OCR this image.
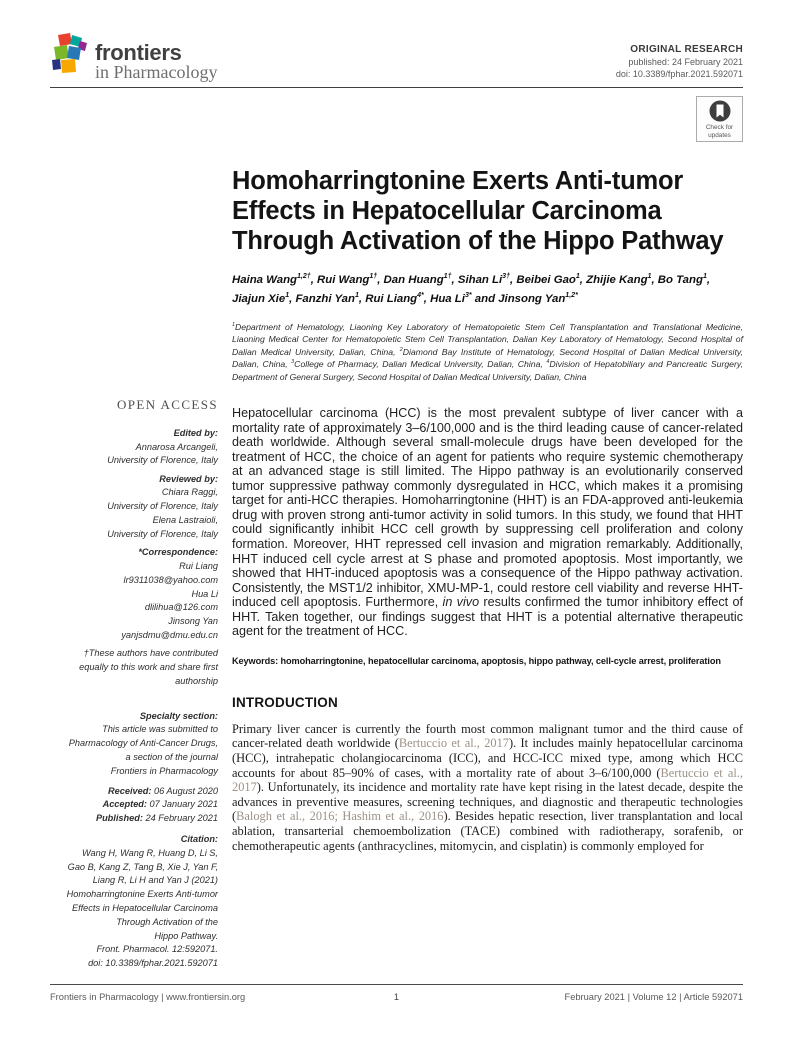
frontiers
in Pharmacology
ORIGINAL RESEARCH
published: 24 February 2021
doi: 10.3389/fphar.2021.592071
Check for updates
OPEN ACCESS
Edited by:
Annarosa Arcangeli,
University of Florence, Italy
Reviewed by:
Chiara Raggi,
University of Florence, Italy
Elena Lastraioli,
University of Florence, Italy
*Correspondence:
Rui Liang
lr9311038@yahoo.com
Hua Li
dlilihua@126.com
Jinsong Yan
yanjsdmu@dmu.edu.cn
†These authors have contributed
equally to this work and share first
authorship
Specialty section:
This article was submitted to
Pharmacology of Anti-Cancer Drugs,
a section of the journal
Frontiers in Pharmacology
Received: 06 August 2020
Accepted: 07 January 2021
Published: 24 February 2021
Citation:
Wang H, Wang R, Huang D, Li S,
Gao B, Kang Z, Tang B, Xie J, Yan F,
Liang R, Li H and Yan J (2021)
Homoharringtonine Exerts Anti-tumor
Effects in Hepatocellular Carcinoma
Through Activation of the
Hippo Pathway.
Front. Pharmacol. 12:592071.
doi: 10.3389/fphar.2021.592071
Homoharringtonine Exerts Anti-tumor Effects in Hepatocellular Carcinoma Through Activation of the Hippo Pathway
Haina Wang$^{1,2\dagger}$, Rui Wang$^{1\dagger}$, Dan Huang$^{1\dagger}$, Sihan $Li^{3\dagger}$, Beibei Gao$^1$, Zhijie Kang$^1$, Bo Tang$^1$, Jiajun Xie$^1$, Fanzhi Yan$^1$, Rui Liang$^{4*}$, Hua $Li^{3*}$ and Jinsong Yan$^{1,2*}$
$^1$Department of Hematology, Liaoning Key Laboratory of Hematopoietic Stem Cell Transplantation and Translational Medicine, Liaoning Medical Center for Hematopoietic Stem Cell Transplantation, Dalian Key Laboratory of Hematology, Second Hospital of Dalian Medical University, Dalian, China, $^2$Diamond Bay Institute of Hematology, Second Hospital of Dalian Medical University, Dalian, China, $^3$College of Pharmacy, Dalian Medical University, Dalian, China, $^4$Division of Hepatobiliary and Pancreatic Surgery, Department of General Surgery, Second Hospital of Dalian Medical University, Dalian, China

Hepatocellular carcinoma (HCC) is the most prevalent subtype of liver cancer with a mortality rate of approximately 3–6/100,000 and is the third leading cause of cancer-related death worldwide. Although several small-molecule drugs have been developed for the treatment of HCC, the choice of an agent for patients who require systemic chemotherapy at an advanced stage is still limited. The Hippo pathway is an evolutionarily conserved tumor suppressive pathway commonly dysregulated in HCC, which makes it a promising target for anti-HCC therapies. Homoharringtonine (HHT) is an FDA-approved anti-leukemia drug with proven strong anti-tumor activity in solid tumors. In this study, we found that HHT could significantly inhibit HCC cell growth by suppressing cell proliferation and colony formation. Moreover, HHT repressed cell invasion and migration remarkably. Additionally, HHT induced cell cycle arrest at S phase and promoted apoptosis. Most importantly, we showed that HHT-induced apoptosis was a consequence of the Hippo pathway activation. Consistently, the MST1/2 inhibitor, XMU-MP-1, could restore cell viability and reverse HHT-induced cell apoptosis. Furthermore, in vivo results confirmed the tumor inhibitory effect of HHT. Taken together, our findings suggest that HHT is a potential alternative therapeutic agent for the treatment of HCC.

Keywords: homoharringtonine, hepatocellular carcinoma, apoptosis, hippo pathway, cell-cycle arrest, proliferation
INTRODUCTION

Primary liver cancer is currently the fourth most common malignant tumor and the third cause of cancer-related death worldwide (Bertuccio et al., 2017). It includes mainly hepatocellular carcinoma (HCC), intrahepatic cholangiocarcinoma (ICC), and HCC-ICC mixed type, among which HCC accounts for about 85–90% of cases, with a mortality rate of about 3–6/100,000 (Bertuccio et al., 2017). Unfortunately, its incidence and mortality rate have kept rising in the latest decade, despite the advances in preventive measures, screening techniques, and diagnostic and therapeutic technologies (Balogh et al., 2016; Hashim et al., 2016). Besides hepatic resection, liver transplantation and local ablation, transarterial chemoembolization (TACE) combined with radiotherapy, sorafenib, or chemotherapeutic agents (anthracyclines, mitomycin, and cisplatin) is commonly employed for

Frontiers in Pharmacology | www.frontiersin.org	1	February 2021 | Volume 12 | Article 592071
